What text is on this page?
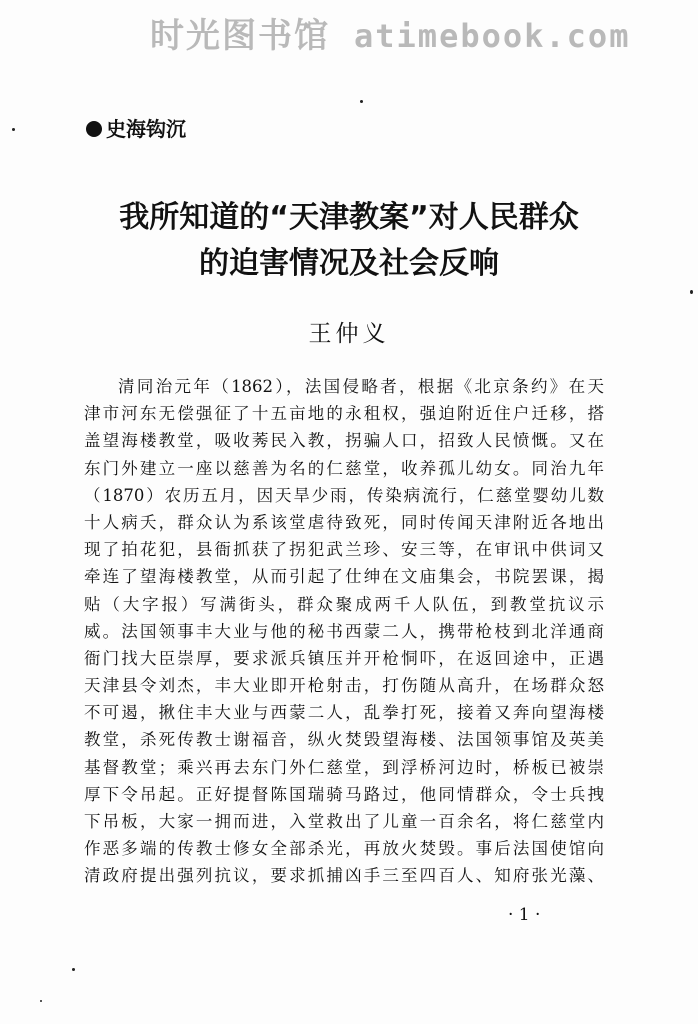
时光图书馆 atimebook.com
史海钩沉
我所知道的“天津教案”对人民群众
的迫害情况及社会反响
王仲义
清同治元年（1862），法国侵略者，根据《北京条约》在天
津市河东无偿强征了十五亩地的永租权，强迫附近住户迁移，搭
盖望海楼教堂，吸收莠民入教，拐骗人口，招致人民愤慨。又在
东门外建立一座以慈善为名的仁慈堂，收养孤儿幼女。同治九年
（1870）农历五月，因天旱少雨，传染病流行，仁慈堂婴幼儿数
十人病夭，群众认为系该堂虐待致死，同时传闻天津附近各地出
现了拍花犯，县衙抓获了拐犯武兰珍、安三等，在审讯中供词又
牵连了望海楼教堂，从而引起了仕绅在文庙集会，书院罢课，揭
贴（大字报）写满街头，群众聚成两千人队伍，到教堂抗议示
威。法国领事丰大业与他的秘书西蒙二人，携带枪枝到北洋通商
衙门找大臣崇厚，要求派兵镇压并开枪恫吓，在返回途中，正遇
天津县令刘杰，丰大业即开枪射击，打伤随从高升，在场群众怒
不可遏，揪住丰大业与西蒙二人，乱拳打死，接着又奔向望海楼
教堂，杀死传教士谢福音，纵火焚毁望海楼、法国领事馆及英美
基督教堂；乘兴再去东门外仁慈堂，到浮桥河边时，桥板已被崇
厚下令吊起。正好提督陈国瑞骑马路过，他同情群众，令士兵拽
下吊板，大家一拥而进，入堂救出了儿童一百余名，将仁慈堂内
作恶多端的传教士修女全部杀光，再放火焚毁。事后法国使馆向
清政府提出强列抗议，要求抓捕凶手三至四百人、知府张光藻、
· 1 ·
